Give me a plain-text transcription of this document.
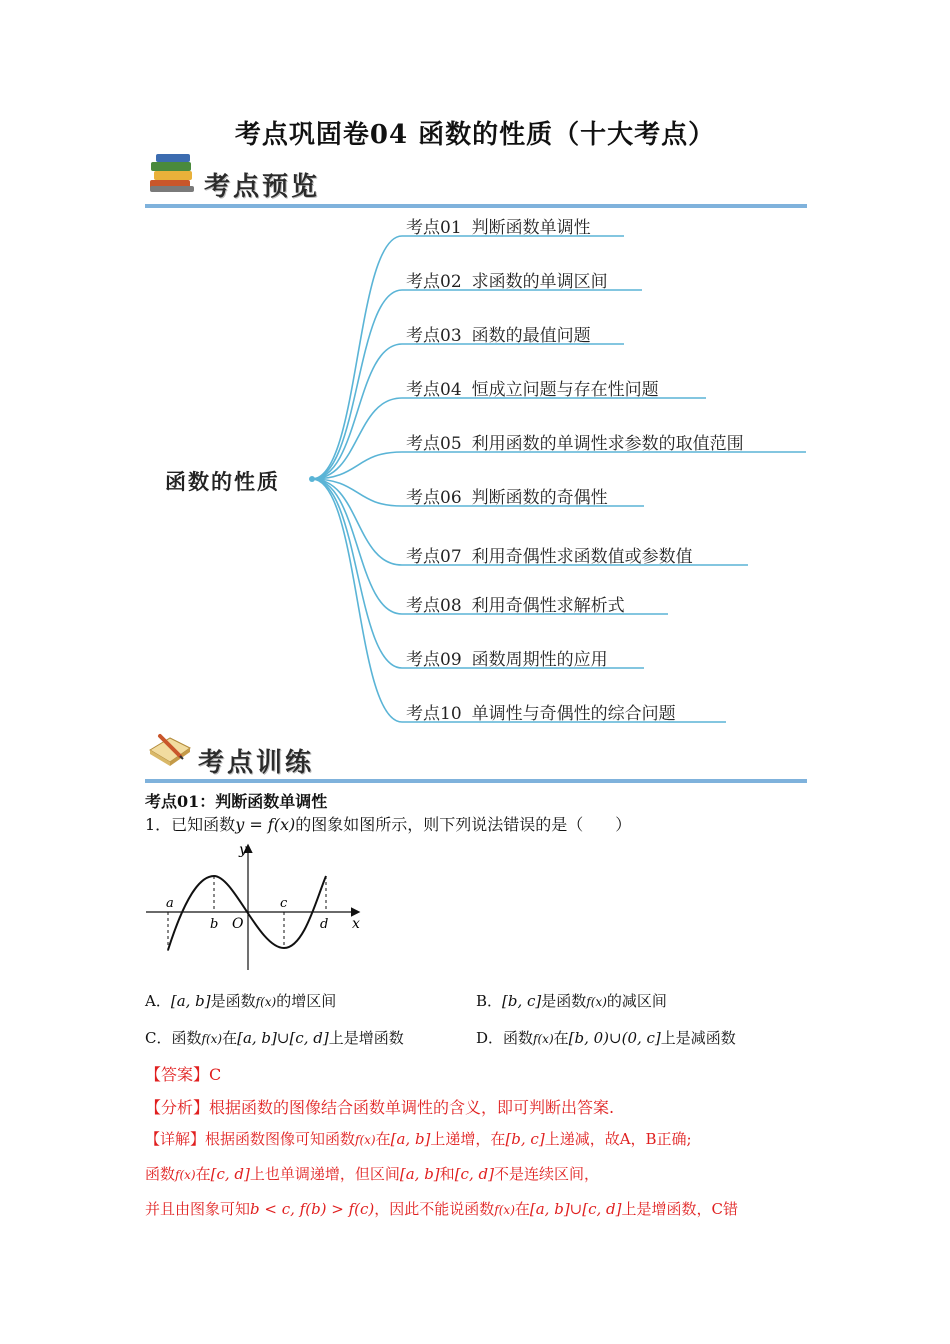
考点巩固卷04 函数的性质（十大考点）
考点预览
函数的性质
考点01 判断函数单调性
考点02 求函数的单调区间
考点03 函数的最值问题
考点04 恒成立问题与存在性问题
考点05 利用函数的单调性求参数的取值范围
考点06 判断函数的奇偶性
考点07 利用奇偶性求函数值或参数值
考点08 利用奇偶性求解析式
考点09 函数周期性的应用
考点10 单调性与奇偶性的综合问题
考点训练
考点01：判断函数单调性
1．已知函数y = f(x)的图象如图所示，则下列说法错误的是（　　）
y
x
a
b O
c
d
A．[a, b]是函数f(x)的增区间	B．[b, c]是函数f(x)的减区间
C．函数f(x)在[a, b]∪[c, d]上是增函数	D．函数f(x)在[b, 0)∪(0, c]上是减函数
【答案】C
【分析】根据函数的图像结合函数单调性的含义，即可判断出答案.
【详解】根据函数图像可知函数f(x)在[a, b]上递增，在[b, c]上递减，故A，B正确;
函数f(x)在[c, d]上也单调递增，但区间[a, b]和[c, d]不是连续区间，
并且由图象可知b < c, f(b) > f(c)，因此不能说函数f(x)在[a, b]∪[c, d]上是增函数，C错
